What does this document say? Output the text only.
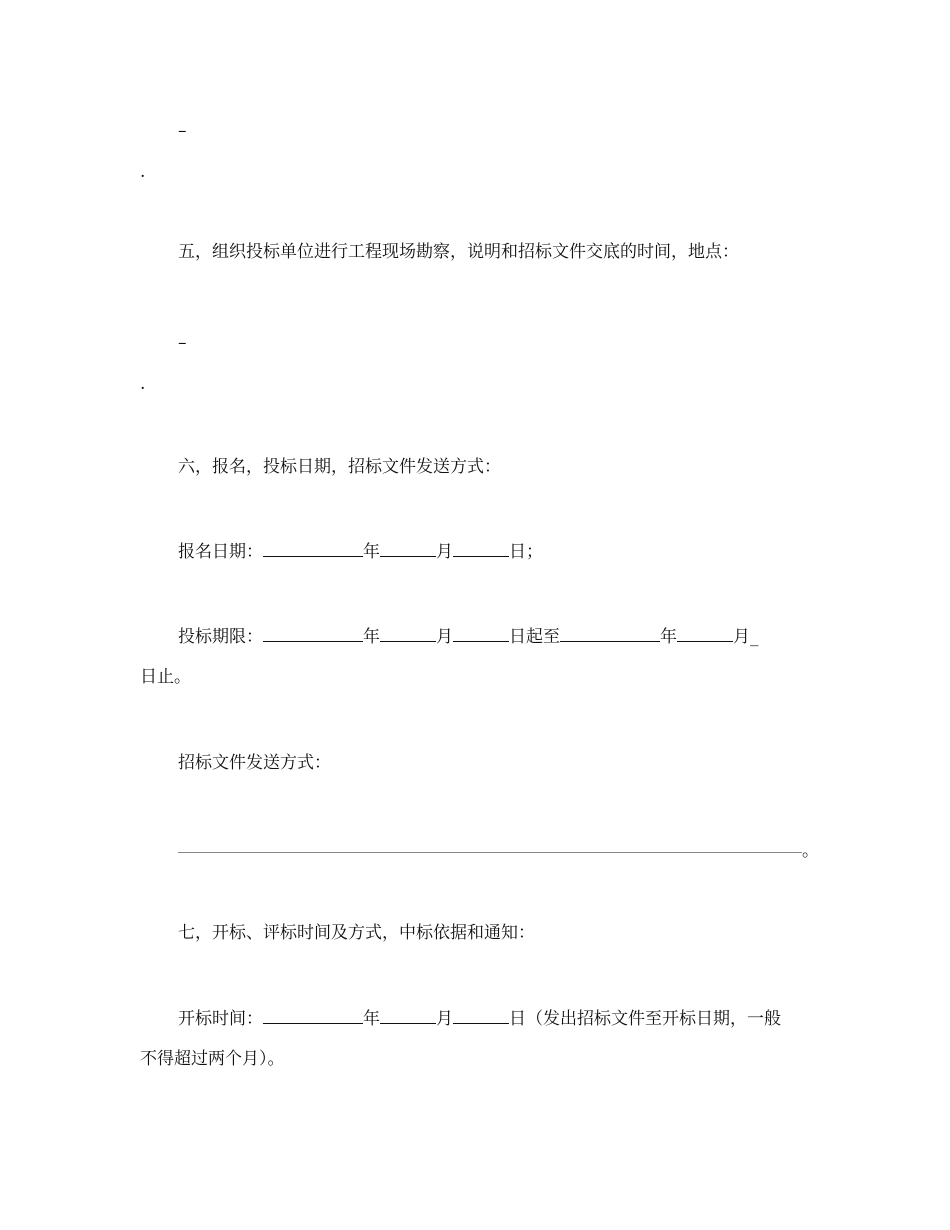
–
.
五，组织投标单位进行工程现场勘察，说明和招标文件交底的时间，地点：
–
.
六，报名，投标日期，招标文件发送方式：
报名日期：	年	月	日；
投标期限：	年	月	日起至	年	月_
日止。
招标文件发送方式：
。
七，开标、评标时间及方式，中标依据和通知：
开标时间：	年	月	日（发出招标文件至开标日期，一般
不得超过两个月）。
